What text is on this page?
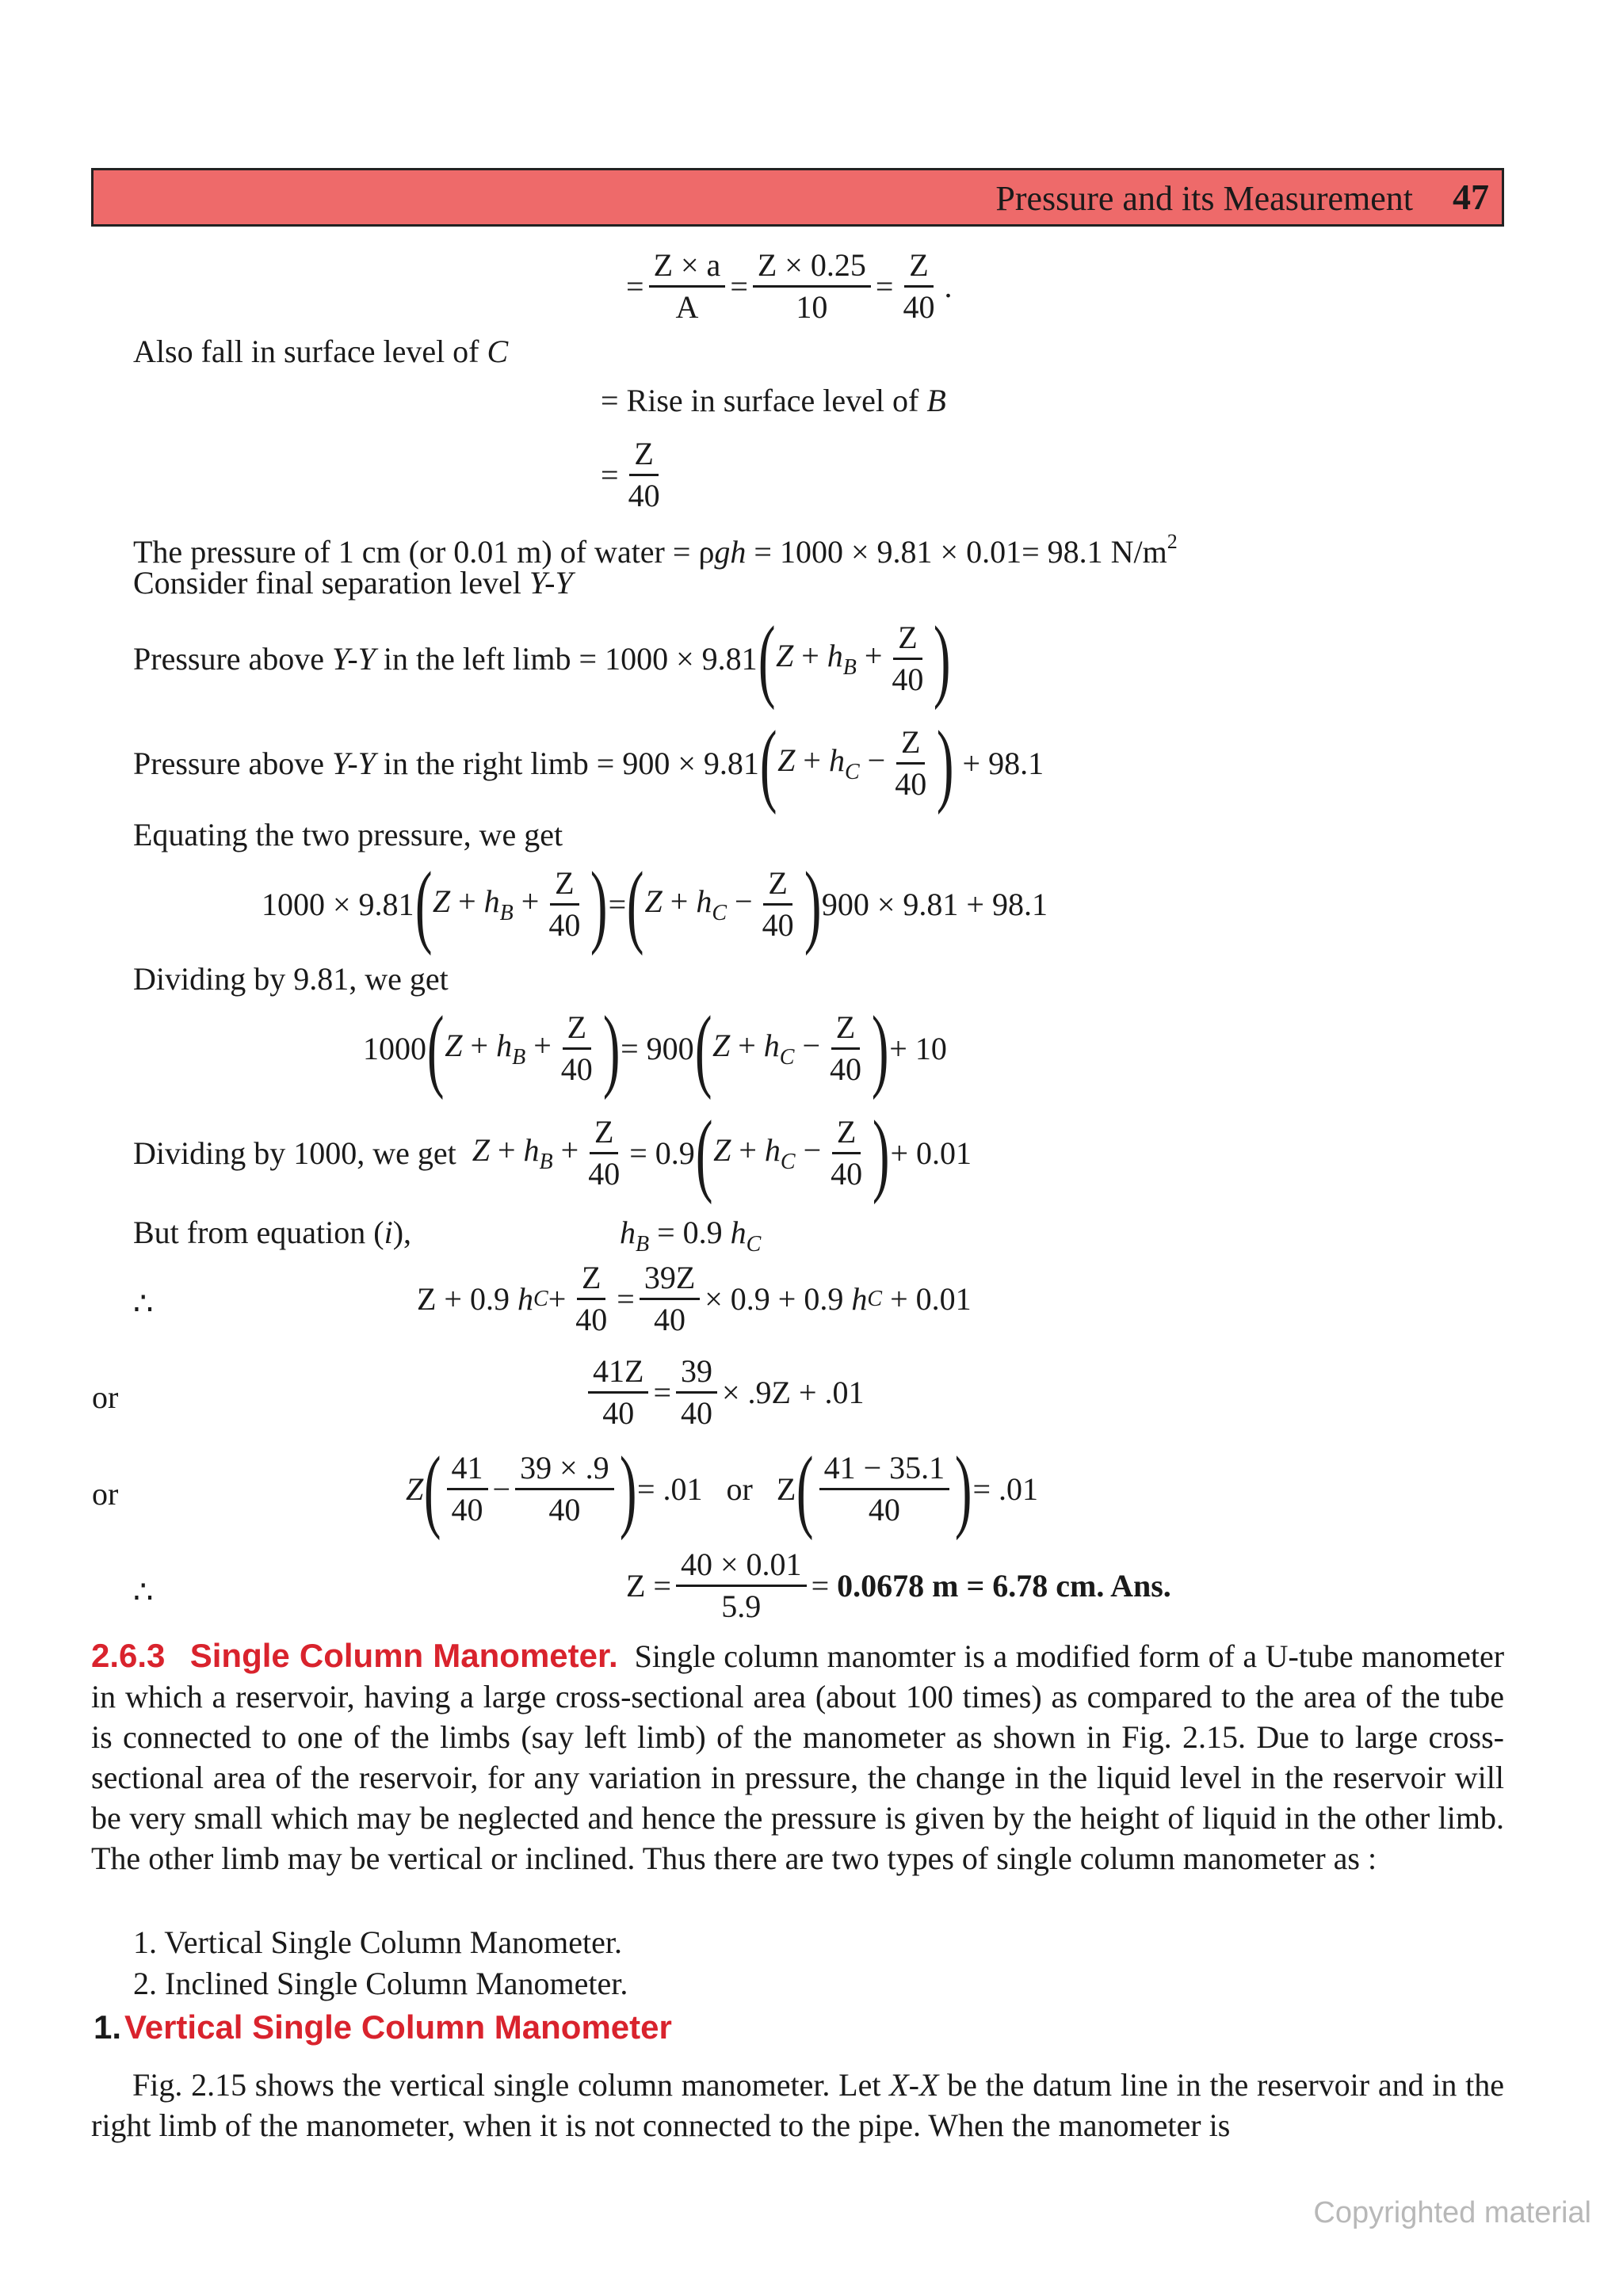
Pressure and its Measurement 47
= $\frac{Z \times a}{A} = \frac{Z \times 0.25}{10} = \frac{Z}{40}$ .
Also fall in surface level of C
= Rise in surface level of B
= $\frac{Z}{40}$
The pressure of 1 cm (or 0.01 m) of water = ρgh = 1000 × 9.81 × 0.01= 98.1 $N/m^2$
Consider final separation level Y-Y
Pressure above
Y-Y
in the left limb = 1000 × 9.81 ( $Z + h_B + \frac{Z}{40}$ )
Pressure above
Y-Y
in the right limb = 900 × 9.81 ( $Z + h_C - \frac{Z}{40}$ )
+ 98.1
Equating the two pressure, we get
1000 × 9.81 ( $Z + h_B + \frac{Z}{40}$ ) = ( $Z + h_C - \frac{Z}{40}$ ) 900 × 9.81 + 98.1
Dividing by 9.81, we get
1000 ( $Z + h_B + \frac{Z}{40}$ ) = 900 ( $Z + h_C - \frac{Z}{40}$ ) + 10
Dividing by 1000, we get
$Z + h_B + \frac{Z}{40} = 0.9$ ( $Z + h_C - \frac{Z}{40}$ ) + 0.01
But from equation (i),	$h_B = 0.9$ $h_C$
∴	Z + 0.9
h $C + \frac{Z}{40} = \frac{39Z}{40} \times 0.9 + 0.9$
h C
+ 0.01
or	$\frac{41Z}{40} = \frac{39}{40} \times .9Z + .01$
or	Z ( $\frac{41}{40} - \frac{39 \times .9}{40}$ ) = .01   or   Z ( $\frac{41 - 35.1}{40}$ ) = .01
∴	$Z = \frac{40 \times 0.01}{5.9}$ =
0.0678 m = 6.78 cm. Ans.
2.6.3 Single Column Manometer. Single column manomter is a modified form of a U-tube manometer in which a reservoir, having a large cross-sectional area (about 100 times) as compared to the area of the tube is connected to one of the limbs (say left limb) of the manometer as shown in Fig. 2.15. Due to large cross-sectional area of the reservoir, for any variation in pressure, the change in the liquid level in the reservoir will be very small which may be neglected and hence the pressure is given by the height of liquid in the other limb. The other limb may be vertical or inclined. Thus there are two types of single column manometer as :
1. Vertical Single Column Manometer.
2. Inclined Single Column Manometer.
1. Vertical Single Column Manometer
Fig. 2.15 shows the vertical single column manometer. Let X-X be the datum line in the reservoir and in the right limb of the manometer, when it is not connected to the pipe. When the manometer is
Copyrighted material
